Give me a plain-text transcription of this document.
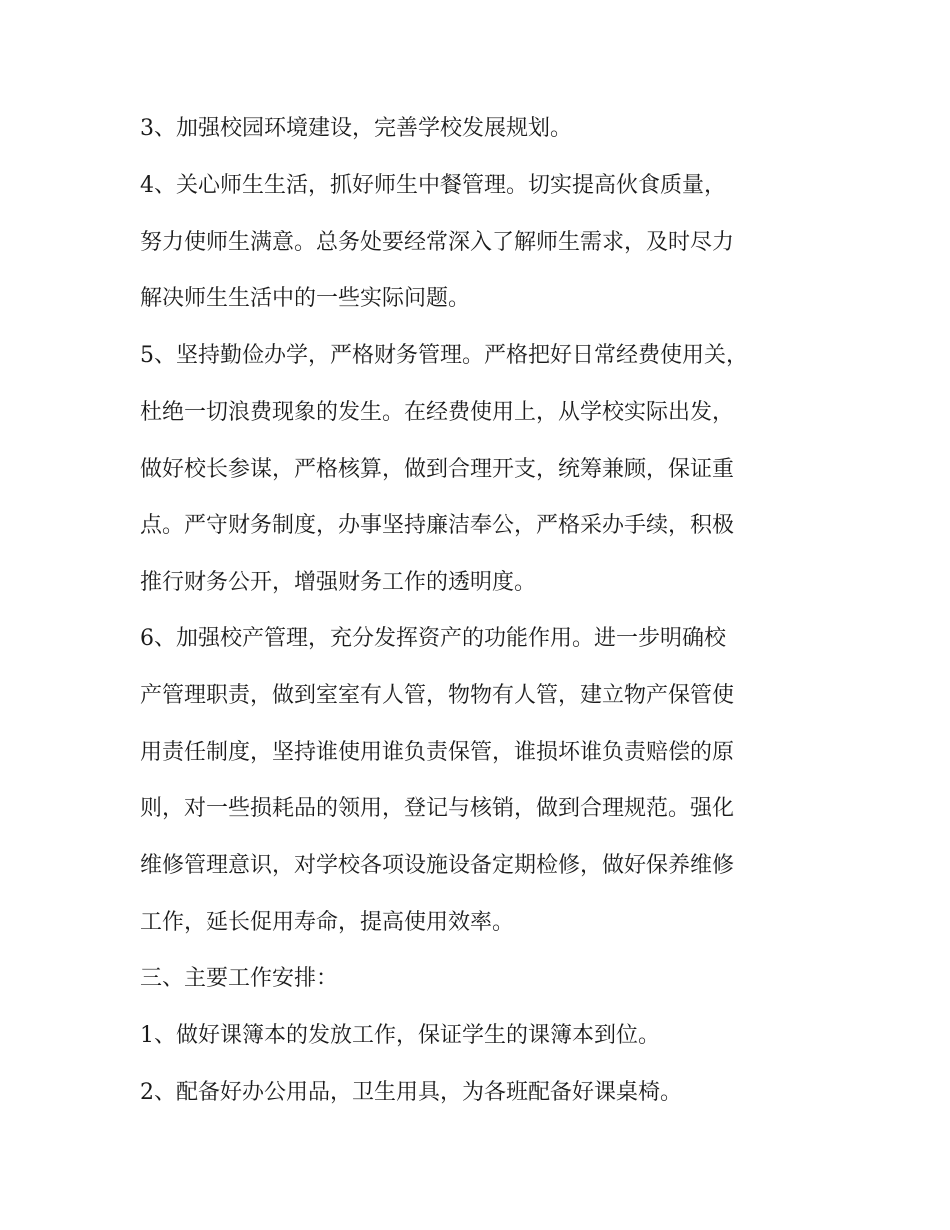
3、加强校园环境建设，完善学校发展规划。
4、关心师生生活，抓好师生中餐管理。切实提高伙食质量，
努力使师生满意。总务处要经常深入了解师生需求，及时尽力
解决师生生活中的一些实际问题。
5、坚持勤俭办学，严格财务管理。严格把好日常经费使用关，
杜绝一切浪费现象的发生。在经费使用上，从学校实际出发，
做好校长参谋，严格核算，做到合理开支，统筹兼顾，保证重
点。严守财务制度，办事坚持廉洁奉公，严格采办手续，积极
推行财务公开，增强财务工作的透明度。
6、加强校产管理，充分发挥资产的功能作用。进一步明确校
产管理职责，做到室室有人管，物物有人管，建立物产保管使
用责任制度，坚持谁使用谁负责保管，谁损坏谁负责赔偿的原
则，对一些损耗品的领用，登记与核销，做到合理规范。强化
维修管理意识，对学校各项设施设备定期检修，做好保养维修
工作，延长促用寿命，提高使用效率。
三、主要工作安排：
1、做好课簿本的发放工作，保证学生的课簿本到位。
2、配备好办公用品，卫生用具，为各班配备好课桌椅。
